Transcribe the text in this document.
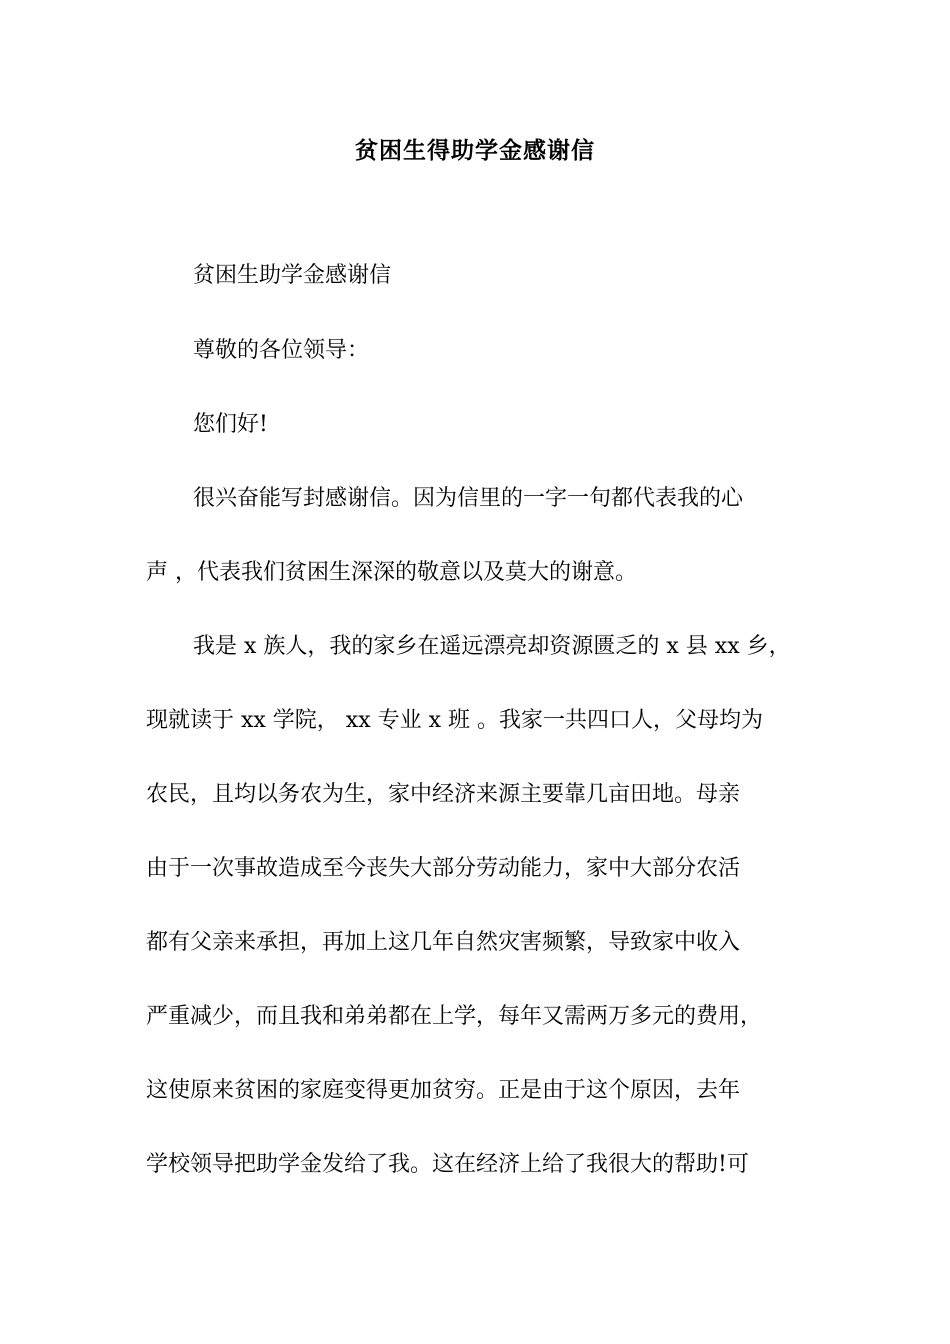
贫困生得助学金感谢信

贫困生助学金感谢信

尊敬的各位领导：

您们好!

很兴奋能写封感谢信。因为信里的一字一句都代表我的心

声 ，代表我们贫困生深深的敬意以及莫大的谢意。

我是 x 族人，我的家乡在遥远漂亮却资源匮乏的 x 县 xx 乡，

现就读于 xx 学院， xx 专业 x 班 。我家一共四口人，父母均为

农民，且均以务农为生，家中经济来源主要靠几亩田地。母亲

由于一次事故造成至今丧失大部分劳动能力，家中大部分农活

都有父亲来承担，再加上这几年自然灾害频繁，导致家中收入

严重减少，而且我和弟弟都在上学，每年又需两万多元的费用，

这使原来贫困的家庭变得更加贫穷。正是由于这个原因，去年

学校领导把助学金发给了我。这在经济上给了我很大的帮助!可
